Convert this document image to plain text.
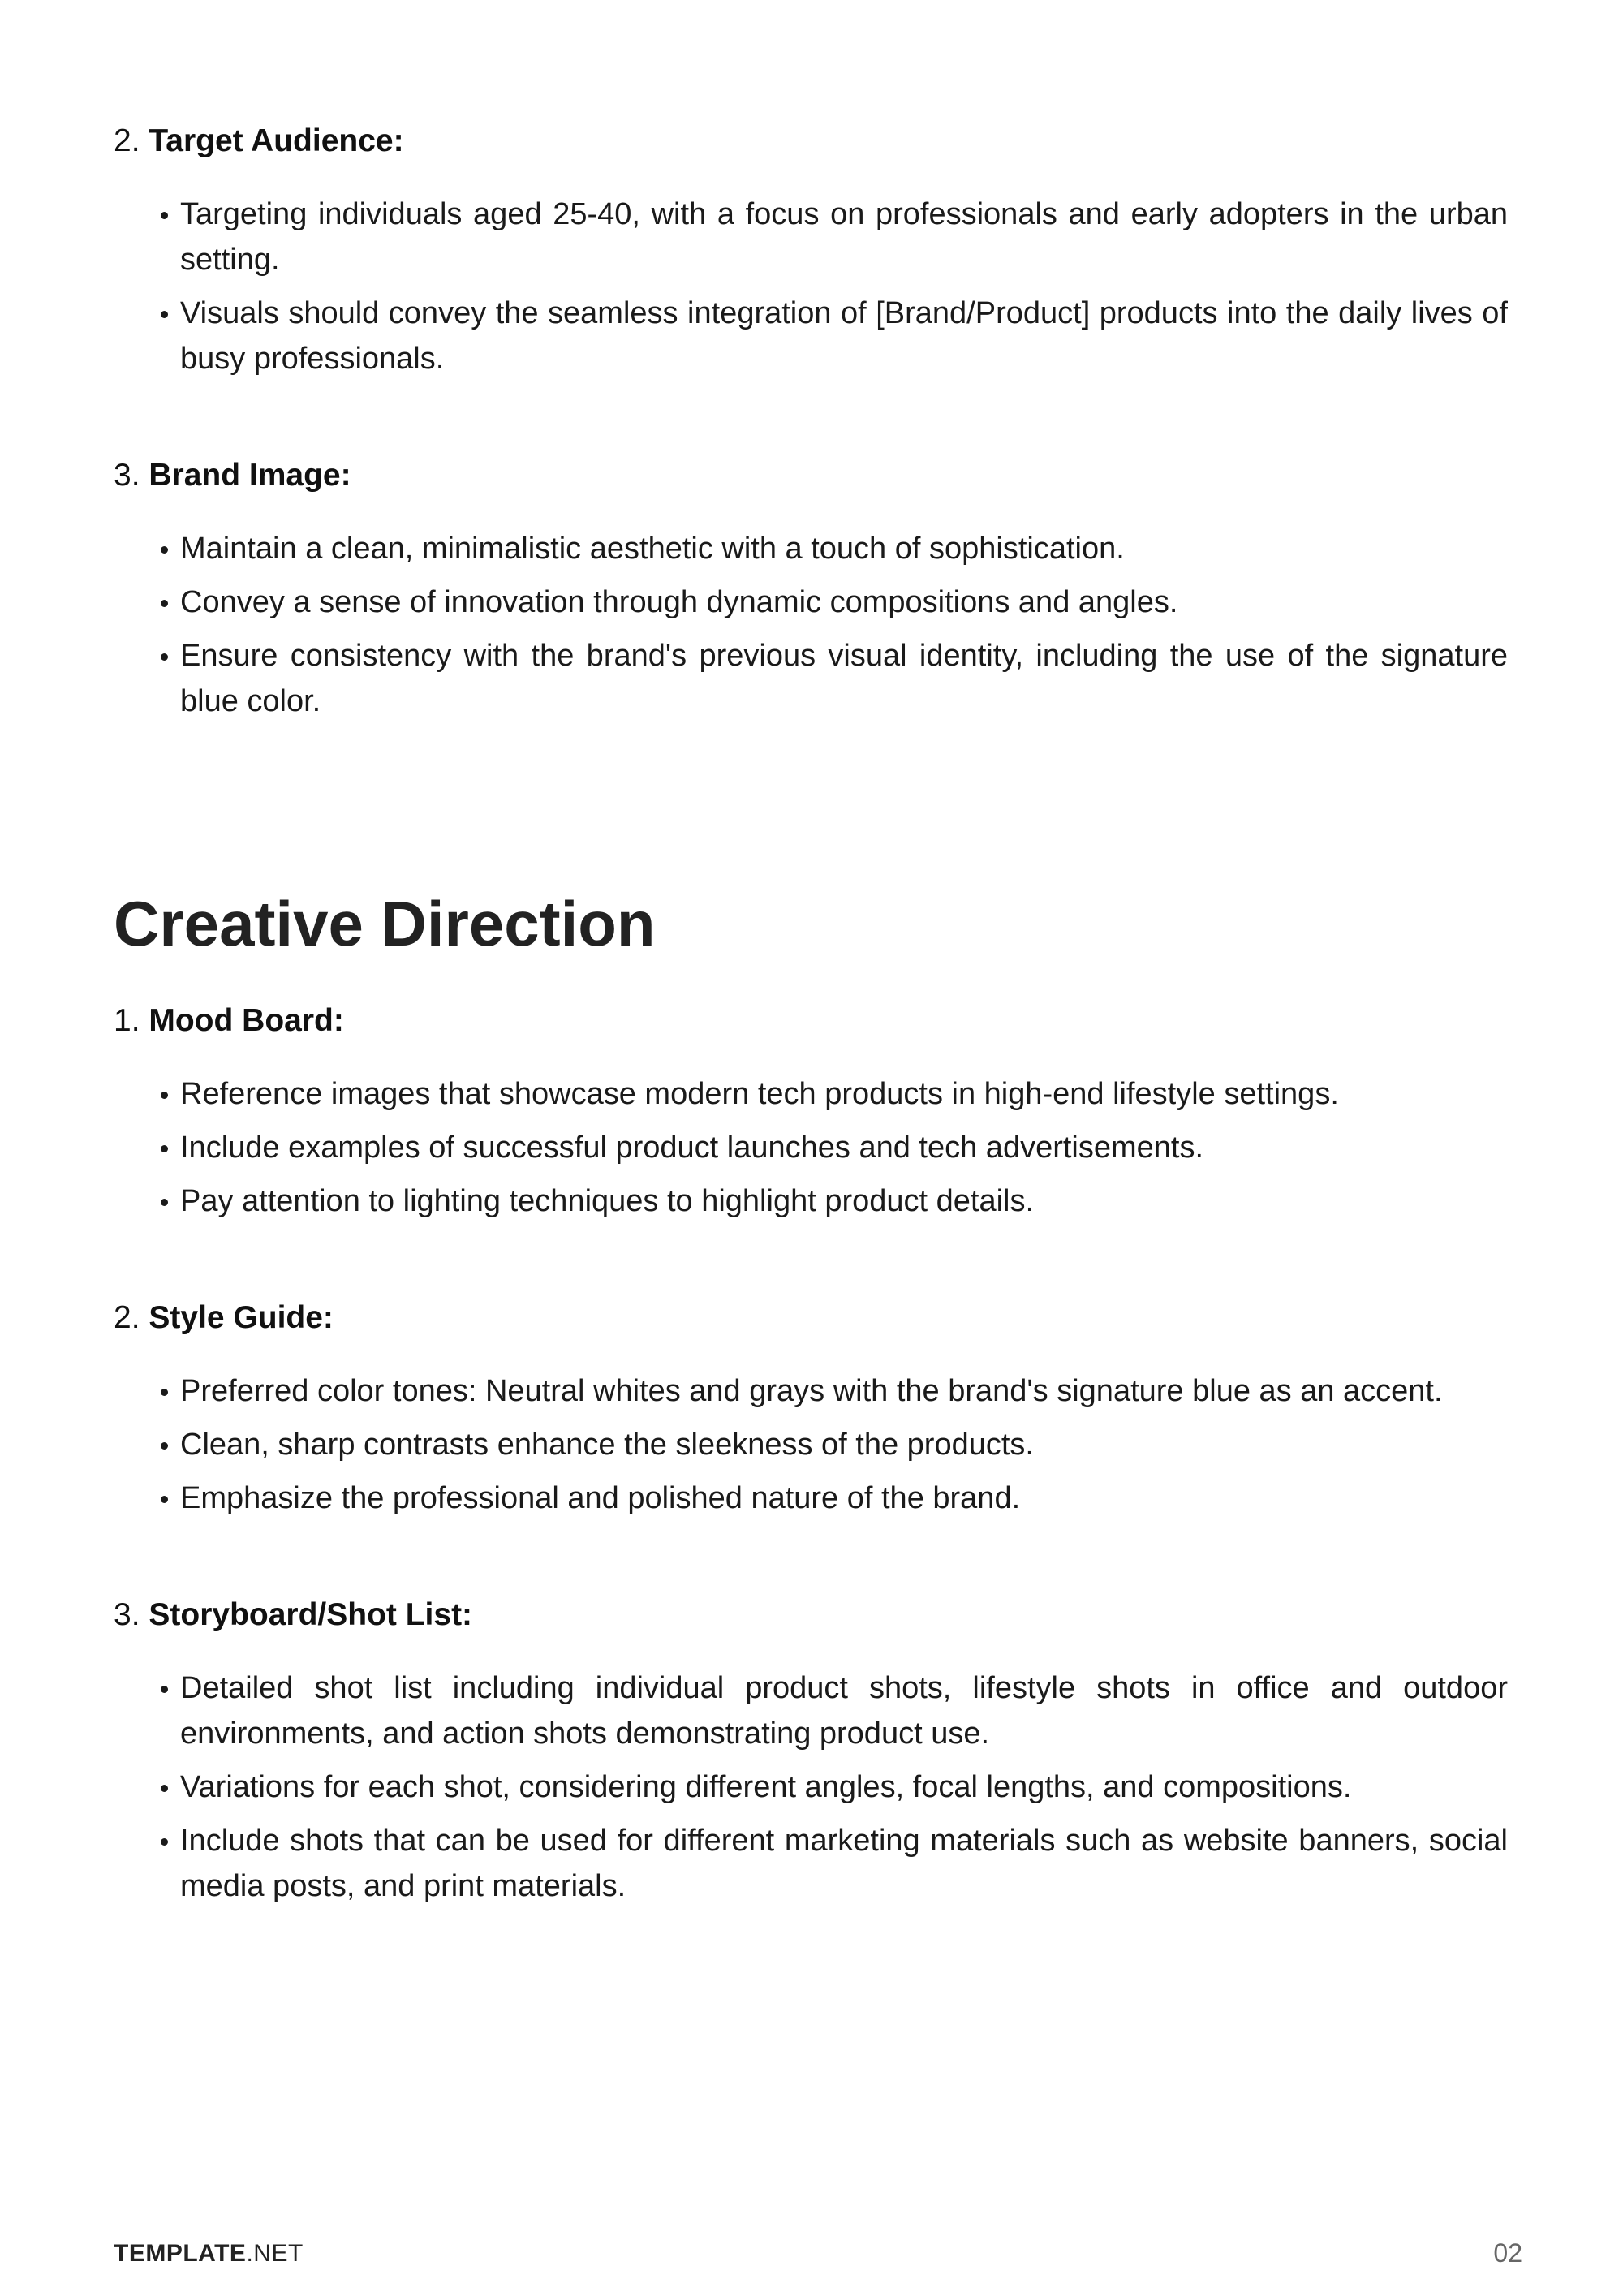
2. Target Audience:
Targeting individuals aged 25-40, with a focus on professionals and early adopters in the urban setting.
Visuals should convey the seamless integration of [Brand/Product] products into the daily lives of busy professionals.
3. Brand Image:
Maintain a clean, minimalistic aesthetic with a touch of sophistication.
Convey a sense of innovation through dynamic compositions and angles.
Ensure consistency with the brand's previous visual identity, including the use of the signature blue color.
Creative Direction
1. Mood Board:
Reference images that showcase modern tech products in high-end lifestyle settings.
Include examples of successful product launches and tech advertisements.
Pay attention to lighting techniques to highlight product details.
2. Style Guide:
Preferred color tones: Neutral whites and grays with the brand's signature blue as an accent.
Clean, sharp contrasts enhance the sleekness of the products.
Emphasize the professional and polished nature of the brand.
3. Storyboard/Shot List:
Detailed shot list including individual product shots, lifestyle shots in office and outdoor environments, and action shots demonstrating product use.
Variations for each shot, considering different angles, focal lengths, and compositions.
Include shots that can be used for different marketing materials such as website banners, social media posts, and print materials.
TEMPLATE.NET	02
